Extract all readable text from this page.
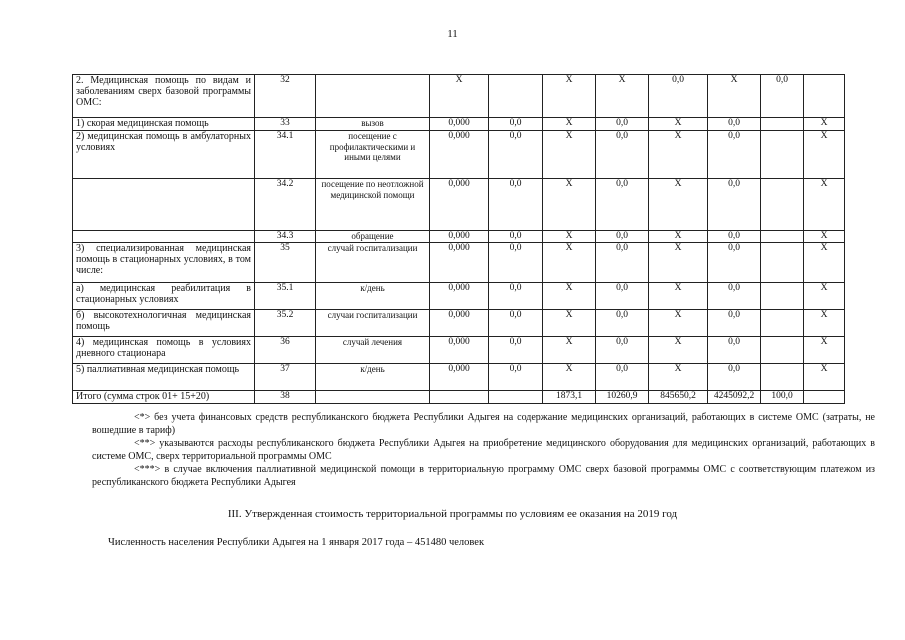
11
2. Медицинская помощь по видам и заболеваниям сверх базовой программы ОМС:	32		X		X	X	0,0	X	0,0	
1) скорая медицинская помощь	33	вызов	0,000	0,0	X	0,0	X	0,0		X
2) медицинская помощь в амбулаторных условиях	34.1	посещение с профилактическими и иными целями	0,000	0,0	X	0,0	X	0,0		X
	34.2	посещение по неотложной медицинской помощи	0,000	0,0	X	0,0	X	0,0		X
	34.3	обращение	0,000	0,0	X	0,0	X	0,0		X
3) специализированная медицинская помощь в стационарных условиях, в том числе:	35	случай госпитализации	0,000	0,0	X	0,0	X	0,0		X
а) медицинская реабилитация в стационарных условиях	35.1	к/день	0,000	0,0	X	0,0	X	0,0		X
б) высокотехнологичная медицинская помощь	35.2	случаи госпитализации	0,000	0,0	X	0,0	X	0,0		X
4) медицинская помощь в условиях дневного стационара	36	случай лечения	0,000	0,0	X	0,0	X	0,0		X
5) паллиативная медицинская помощь	37	к/день	0,000	0,0	X	0,0	X	0,0		X
Итого (сумма строк 01+ 15+20)	38				1873,1	10260,9	845650,2	4245092,2	100,0	

<*> без учета финансовых средств республиканского бюджета Республики Адыгея на содержание медицинских организаций, работающих в системе ОМС (затраты, не вошедшие в тариф)

<**> указываются расходы республиканского бюджета Республики Адыгея на приобретение медицинского оборудования для медицинских организаций, работающих в системе ОМС, сверх территориальной программы ОМС

<***> в случае включения паллиативной медицинской помощи в территориальную программу ОМС сверх базовой программы ОМС с соответствующим платежом из республиканского бюджета Республики Адыгея

III. Утвержденная стоимость территориальной программы по условиям ее оказания на 2019 год
Численность населения Республики Адыгея на 1 января 2017 года – 451480 человек
